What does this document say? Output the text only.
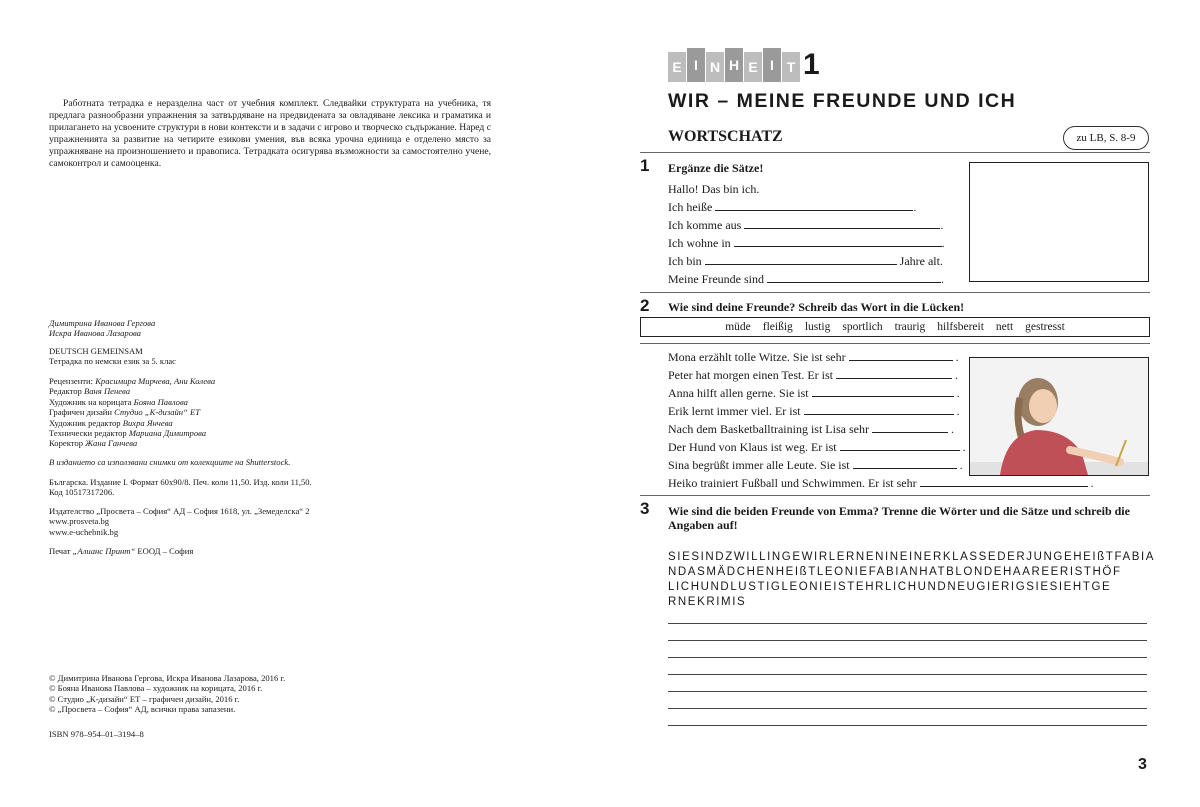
Работната тетрадка е неразделна част от учебния комплект. Следвайки структурата на учебника, тя предлага разнообразни упражнения за затвърдяване на предвидената за овладяване лексика и граматика и прилагането на усвоените структури в нови контексти и в задачи с игрово и творческо съдържание. Наред с упражненията за развитие на четирите езикови умения, във всяка урочна единица е отделено място за упражняване на произношението и правописа. Тетрадката осигурява възможности за самостоятелно учене, самоконтрол и самооценка.
Димитрина Иванова Гергова
Искра Иванова Лазарова
DEUTSCH GEMEINSAM
Тетрадка по немски език за 5. клас
Рецензенти: Красимира Мирчева, Ани Колева
Редактор Ваня Пенева
Художник на корицата Бояна Павлова
Графичен дизайн Студио „К-дизайн“ ЕТ
Художник редактор Вихра Янчева
Технически редактор Мариана Димитрова
Коректор Жана Ганчева
В изданието са използвани снимки от колекциите на Shutterstock.
Българска. Издание I. Формат 60x90/8. Печ. коли 11,50. Изд. коли 11,50.
Код 10517317206.
Издателство „Просвета – София“ АД – София 1618, ул. „Земеделска“ 2
www.prosveta.bg
www.e-uchebnik.bg
Печат „Алианс Принт“ ЕООД – София
© Димитрина Иванова Гергова, Искра Иванова Лазарова, 2016 г.
© Бояна Иванова Павлова – художник на корицата, 2016 г.
© Студио „К-дизайн“ ЕТ – графичен дизайн, 2016 г.
© „Просвета – София“ АД, всички права запазени.
ISBN 978–954–01–3194–8
E I N H E I T 1
WIR – MEINE FREUNDE UND ICH
WORTSCHATZ	zu LB, S. 8-9
1 Ergänze die Sätze!
Hallo! Das bin ich.
Ich heiße	.
Ich komme aus	.
Ich wohne in	.
Ich bin	Jahre alt.
Meine Freunde sind	.
2 Wie sind deine Freunde? Schreib das Wort in die Lücken!
müde fleißig lustig sportlich traurig hilfsbereit nett gestresst
Mona erzählt tolle Witze. Sie ist sehr	.
Peter hat morgen einen Test. Er ist	.
Anna hilft allen gerne. Sie ist	.
Erik lernt immer viel. Er ist	.
Nach dem Basketballtraining ist Lisa sehr	.
Der Hund von Klaus ist weg. Er ist	.
Sina begrüßt immer alle Leute. Sie ist	.
Heiko trainiert Fußball und Schwimmen. Er ist sehr	.
3 Wie sind die beiden Freunde von Emma? Trenne die Wörter und die Sätze und schreib die
Angaben auf!
SIESINDZWILLINGEWIRLERNENINEINERKLASSEDERJUNGEHEIßTFABIA
NDASMÄDCHENHEIßTLEONIEFABIANHATBLONDEHAAREERISTHÖF
LICHUNDLUSTIGLEONIEISTEHRLICHUNDNEUGIERIGSIESIEHTGE
RNEKRIMIS
3
